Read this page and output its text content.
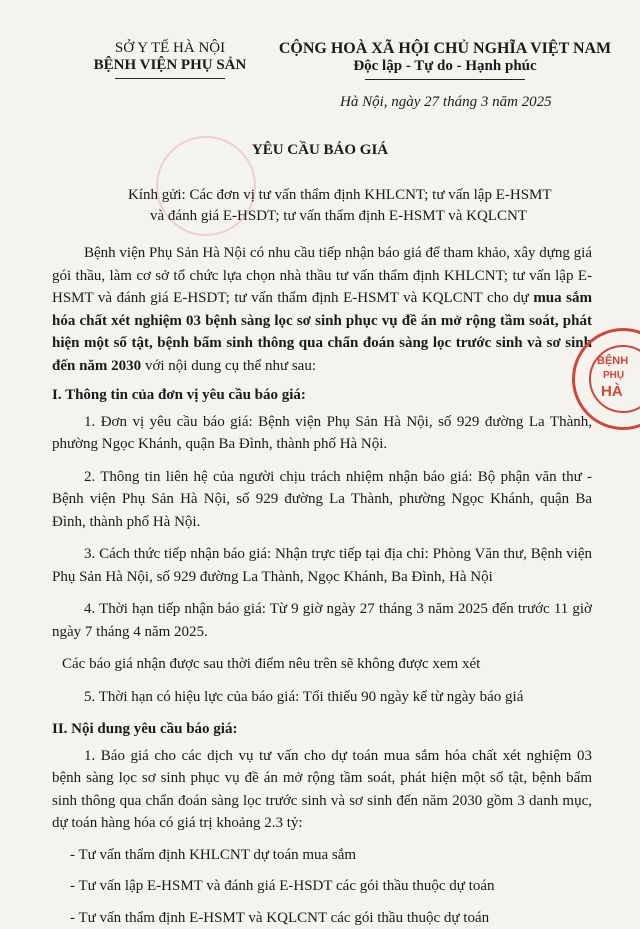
SỞ Y TẾ HÀ NỘI
BỆNH VIỆN PHỤ SẢN
CỘNG HOÀ XÃ HỘI CHỦ NGHĨA VIỆT NAM
Độc lập - Tự do - Hạnh phúc
Hà Nội, ngày 27 tháng 3 năm 2025
YÊU CẦU BÁO GIÁ
Kính gửi: Các đơn vị tư vấn thẩm định KHLCNT; tư vấn lập E-HSMT
và đánh giá E-HSDT; tư vấn thẩm định E-HSMT và KQLCNT

Bệnh viện Phụ Sản Hà Nội có nhu cầu tiếp nhận báo giá để tham khảo, xây dựng giá gói thầu, làm cơ sở tổ chức lựa chọn nhà thầu tư vấn thẩm định KHLCNT; tư vấn lập E-HSMT và đánh giá E-HSDT; tư vấn thẩm định E-HSMT và KQLCNT cho dự mua sắm hóa chất xét nghiệm 03 bệnh sàng lọc sơ sinh phục vụ đề án mở rộng tầm soát, phát hiện một số tật, bệnh bẩm sinh thông qua chẩn đoán sàng lọc trước sinh và sơ sinh đến năm 2030 với nội dung cụ thể như sau:

I. Thông tin của đơn vị yêu cầu báo giá:

1. Đơn vị yêu cầu báo giá: Bệnh viện Phụ Sản Hà Nội, số 929 đường La Thành, phường Ngọc Khánh, quận Ba Đình, thành phố Hà Nội.

2. Thông tin liên hệ của người chịu trách nhiệm nhận báo giá: Bộ phận văn thư - Bệnh viện Phụ Sản Hà Nội, số 929 đường La Thành, phường Ngọc Khánh, quận Ba Đình, thành phố Hà Nội.

3. Cách thức tiếp nhận báo giá: Nhận trực tiếp tại địa chỉ: Phòng Văn thư, Bệnh viện Phụ Sản Hà Nội, số 929 đường La Thành, Ngọc Khánh, Ba Đình, Hà Nội

4. Thời hạn tiếp nhận báo giá: Từ 9 giờ ngày 27 tháng 3 năm 2025 đến trước 11 giờ ngày 7 tháng 4 năm 2025.

Các báo giá nhận được sau thời điểm nêu trên sẽ không được xem xét

5. Thời hạn có hiệu lực của báo giá: Tối thiểu 90 ngày kể từ ngày báo giá

II. Nội dung yêu cầu báo giá:

1. Báo giá cho các dịch vụ tư vấn cho dự toán mua sắm hóa chất xét nghiệm 03 bệnh sàng lọc sơ sinh phục vụ đề án mở rộng tầm soát, phát hiện một số tật, bệnh bẩm sinh thông qua chẩn đoán sàng lọc trước sinh và sơ sinh đến năm 2030 gồm 3 danh mục, dự toán hàng hóa có giá trị khoảng 2.3 tỷ:

- Tư vấn thẩm định KHLCNT dự toán mua sắm

- Tư vấn lập E-HSMT và đánh giá E-HSDT các gói thầu thuộc dự toán

- Tư vấn thẩm định E-HSMT và KQLCNT các gói thầu thuộc dự toán

BỆNH
PHỤ
HÀ
